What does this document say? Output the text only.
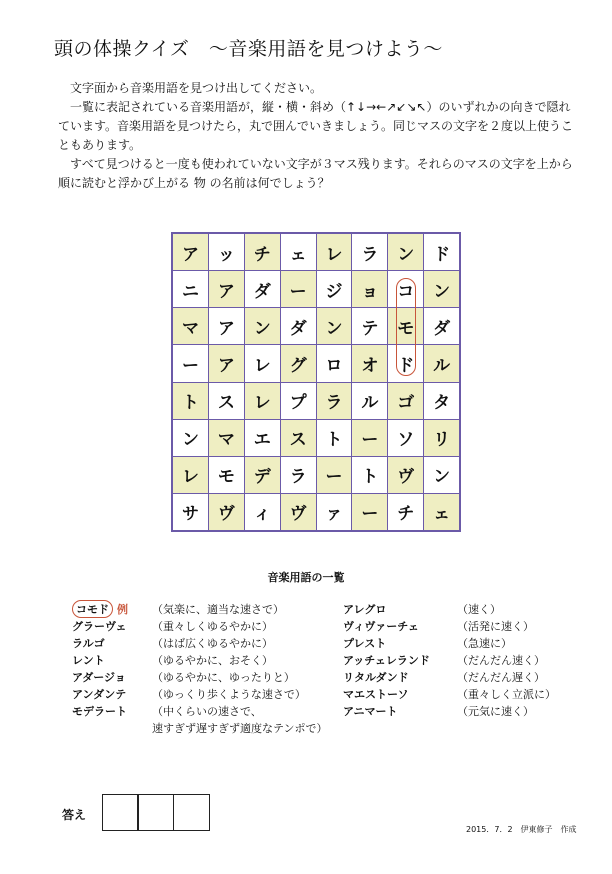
頭の体操クイズ　～音楽用語を見つけよう～

文字面から音楽用語を見つけ出してください。

一覧に表記されている音楽用語が，縦・横・斜め（↑↓→←↗↙↘↖）のいずれかの向きで隠れています。音楽用語を見つけたら，丸で囲んでいきましょう。同じマスの文字を２度以上使うこともあります。

すべて見つけると一度も使われていない文字が３マス残ります。それらのマスの文字を上から順に読むと浮かび上がる 物 の名前は何でしょう？

ア	ッ	チ	ェ	レ	ラ	ン	ド
ニ	ア	ダ	ー	ジ	ョ	コ	ン
マ	ア	ン	ダ	ン	テ	モ	ダ
ー	ア	レ	グ	ロ	オ	ド	ル
ト	ス	レ	プ	ラ	ル	ゴ	タ
ン	マ	エ	ス	ト	ー	ソ	リ
レ	モ	デ	ラ	ー	ト	ヴ	ン
サ	ヴ	ィ	ヴ	ァ	ー	チ	ェ
音楽用語の一覧
コモド 例	（気楽に、適当な速さで）
グラーヴェ	（重々しくゆるやかに）
ラルゴ	（はば広くゆるやかに）
レント	（ゆるやかに、おそく）
アダージョ	（ゆるやかに、ゆったりと）
アンダンテ	（ゆっくり歩くような速さで）
モデラート	（中くらいの速さで、
速すぎず遅すぎず適度なテンポで）
アレグロ	（速く）
ヴィヴァーチェ	（活発に速く）
プレスト	（急速に）
アッチェレランド	（だんだん速く）
リタルダンド	（だんだん遅く）
マエストーソ	（重々しく立派に）
アニマート	（元気に速く）
答え
2015．7．2　伊東修子　作成
